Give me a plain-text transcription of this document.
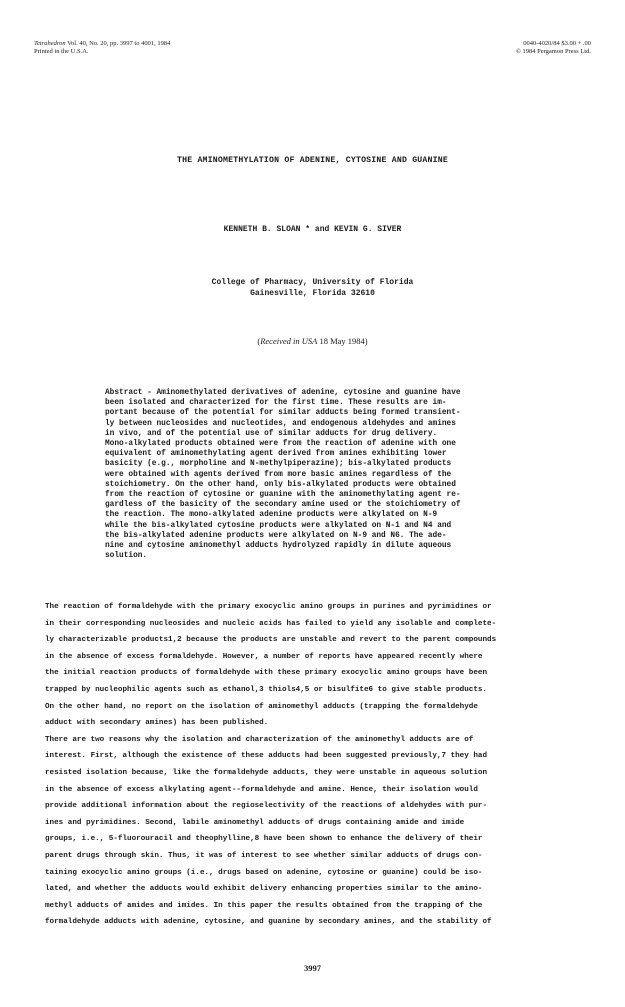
Tetrahedron Vol. 40, No. 20, pp. 3997 to 4001, 1984
Printed in the U.S.A.
0040-4020/84 $3.00 + .00
© 1984 Pergamon Press Ltd.
THE AMINOMETHYLATION OF ADENINE, CYTOSINE AND GUANINE
KENNETH B. SLOAN * and KEVIN G. SIVER
College of Pharmacy, University of Florida
Gainesville, Florida 32610
(Received in USA 18 May 1984)
Abstract - Aminomethylated derivatives of adenine, cytosine and guanine have
been isolated and characterized for the first time. These results are im-
portant because of the potential for similar adducts being formed transient-
ly between nucleosides and nucleotides, and endogenous aldehydes and amines
in vivo, and of the potential use of similar adducts for drug delivery.
Mono-alkylated products obtained were from the reaction of adenine with one
equivalent of aminomethylating agent derived from amines exhibiting lower
basicity (e.g., morpholine and N-methylpiperazine); bis-alkylated products
were obtained with agents derived from more basic amines regardless of the
stoichiometry. On the other hand, only bis-alkylated products were obtained
from the reaction of cytosine or guanine with the aminomethylating agent re-
gardless of the basicity of the secondary amine used or the stoichiometry of
the reaction. The mono-alkylated adenine products were alkylated on N-9
while the bis-alkylated cytosine products were alkylated on N-1 and N4 and
the bis-alkylated adenine products were alkylated on N-9 and N6. The ade-
nine and cytosine aminomethyl adducts hydrolyzed rapidly in dilute aqueous
solution.
The reaction of formaldehyde with the primary exocyclic amino groups in purines and pyrimidines or
in their corresponding nucleosides and nucleic acids has failed to yield any isolable and complete-
ly characterizable products1,2 because the products are unstable and revert to the parent compounds
in the absence of excess formaldehyde. However, a number of reports have appeared recently where
the initial reaction products of formaldehyde with these primary exocyclic amino groups have been
trapped by nucleophilic agents such as ethanol,3 thiols4,5 or bisulfite6 to give stable products.
On the other hand, no report on the isolation of aminomethyl adducts (trapping the formaldehyde
adduct with secondary amines) has been published.
There are two reasons why the isolation and characterization of the aminomethyl adducts are of
interest. First, although the existence of these adducts had been suggested previously,7 they had
resisted isolation because, like the formaldehyde adducts, they were unstable in aqueous solution
in the absence of excess alkylating agent--formaldehyde and amine. Hence, their isolation would
provide additional information about the regioselectivity of the reactions of aldehydes with pur-
ines and pyrimidines. Second, labile aminomethyl adducts of drugs containing amide and imide
groups, i.e., 5-fluorouracil and theophylline,8 have been shown to enhance the delivery of their
parent drugs through skin. Thus, it was of interest to see whether similar adducts of drugs con-
taining exocyclic amino groups (i.e., drugs based on adenine, cytosine or guanine) could be iso-
lated, and whether the adducts would exhibit delivery enhancing properties similar to the amino-
methyl adducts of amides and imides. In this paper the results obtained from the trapping of the
formaldehyde adducts with adenine, cytosine, and guanine by secondary amines, and the stability of
3997
